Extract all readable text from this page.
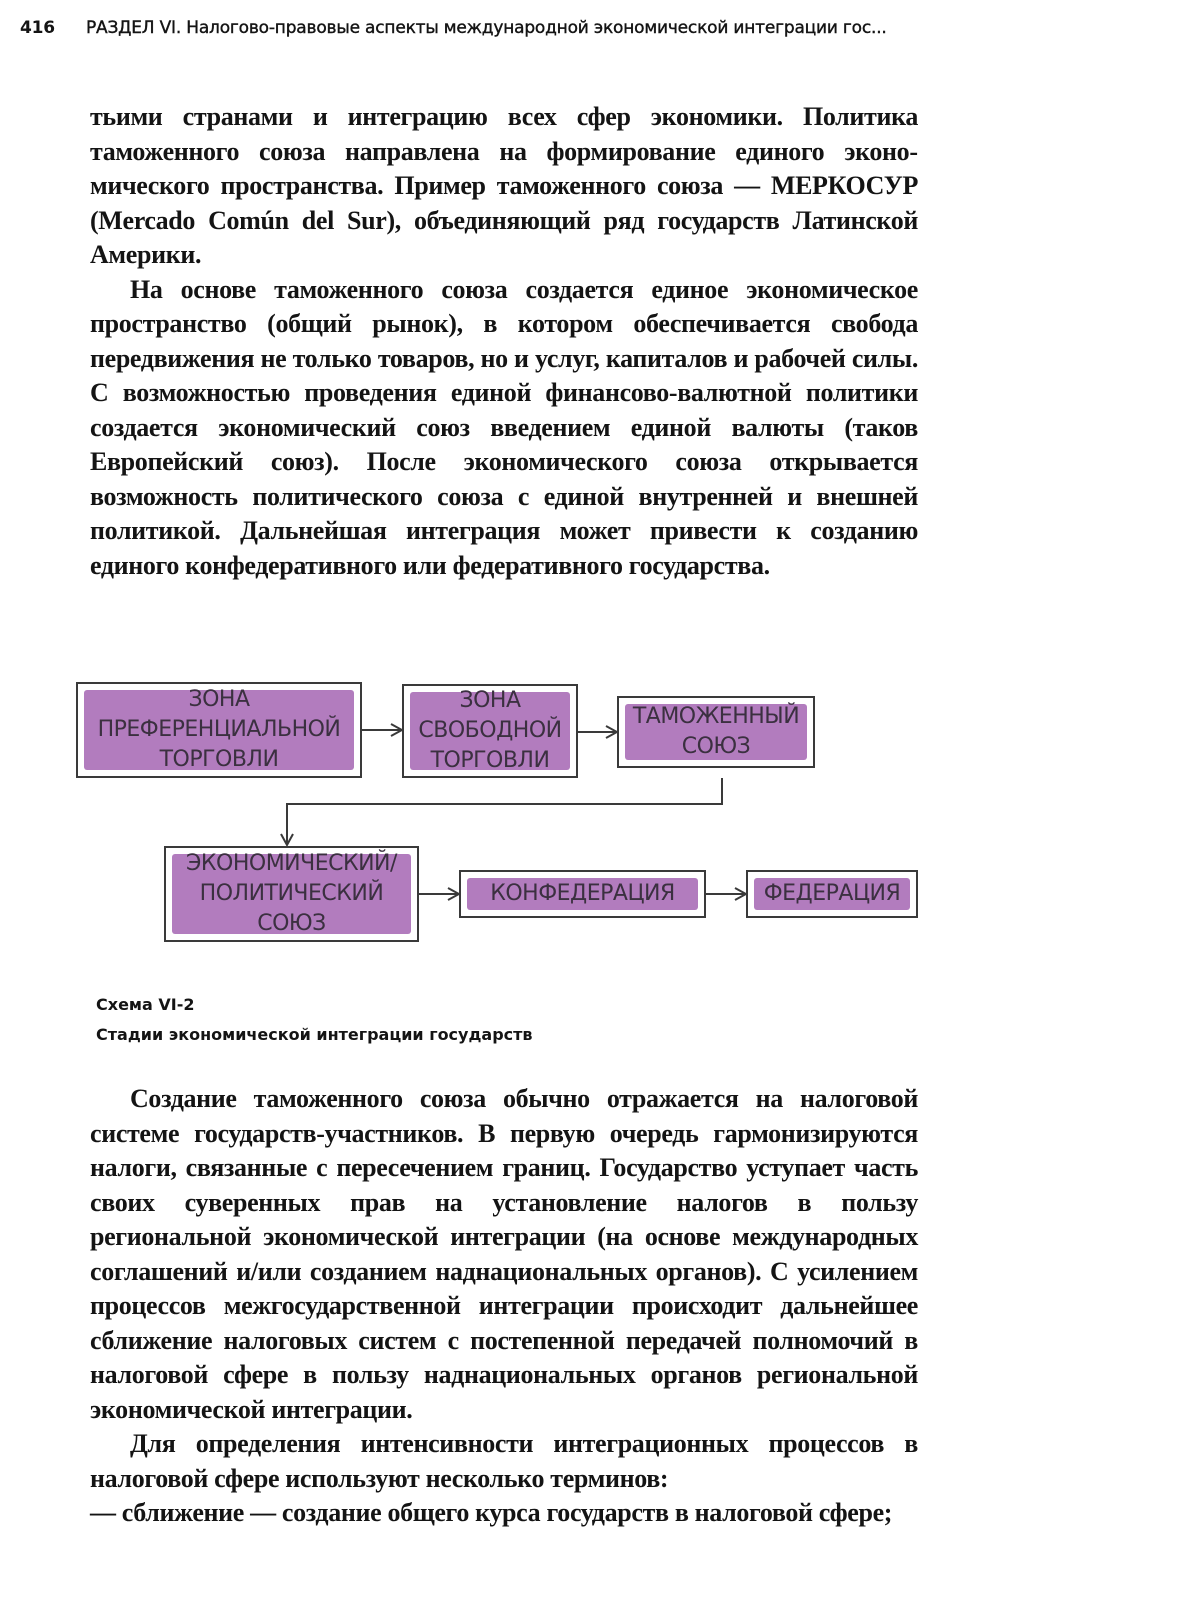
416 РАЗДЕЛ VI. Налогово-правовые аспекты международной экономической интеграции гос...

тьими странами и интеграцию всех сфер экономики. Политика таможенного союза направлена на формирование единого экономического пространства. Пример таможенного союза — МЕРКОСУР (Mercado Común del Sur), объединяющий ряд государств Латинской Америки.

На основе таможенного союза создается единое экономическое пространство (общий рынок), в котором обеспечивается свобода передвижения не только товаров, но и услуг, капиталов и рабочей силы. С возможностью проведения единой финансово-валютной политики создается экономический союз введением единой валюты (таков Европейский союз). После экономического союза открывается возможность политического союза с единой внутренней и внешней политикой. Дальнейшая интеграция может привести к созданию единого конфедеративного или федеративного государства.

ЗОНА
ПРЕФЕРЕНЦИАЛЬНОЙ
ТОРГОВЛИ
ЗОНА
СВОБОДНОЙ
ТОРГОВЛИ
ТАМОЖЕННЫЙ
СОЮЗ
ЭКОНОМИЧЕСКИЙ/
ПОЛИТИЧЕСКИЙ
СОЮЗ
КОНФЕДЕРАЦИЯ	ФЕДЕРАЦИЯ
Схема VI-2
Стадии экономической интеграции государств

Создание таможенного союза обычно отражается на налоговой системе государств-участников. В первую очередь гармонизируются налоги, связанные с пересечением границ. Государство уступает часть своих суверенных прав на установление налогов в пользу региональной экономической интеграции (на основе международных соглашений и/или созданием наднациональных органов). С усилением процессов межгосударственной интеграции происходит дальнейшее сближение налоговых систем с постепенной передачей полномочий в налоговой сфере в пользу наднациональных органов региональной экономической интеграции.

Для определения интенсивности интеграционных процессов в налоговой сфере используют несколько терминов:

— сближение — создание общего курса государств в налоговой сфере;
